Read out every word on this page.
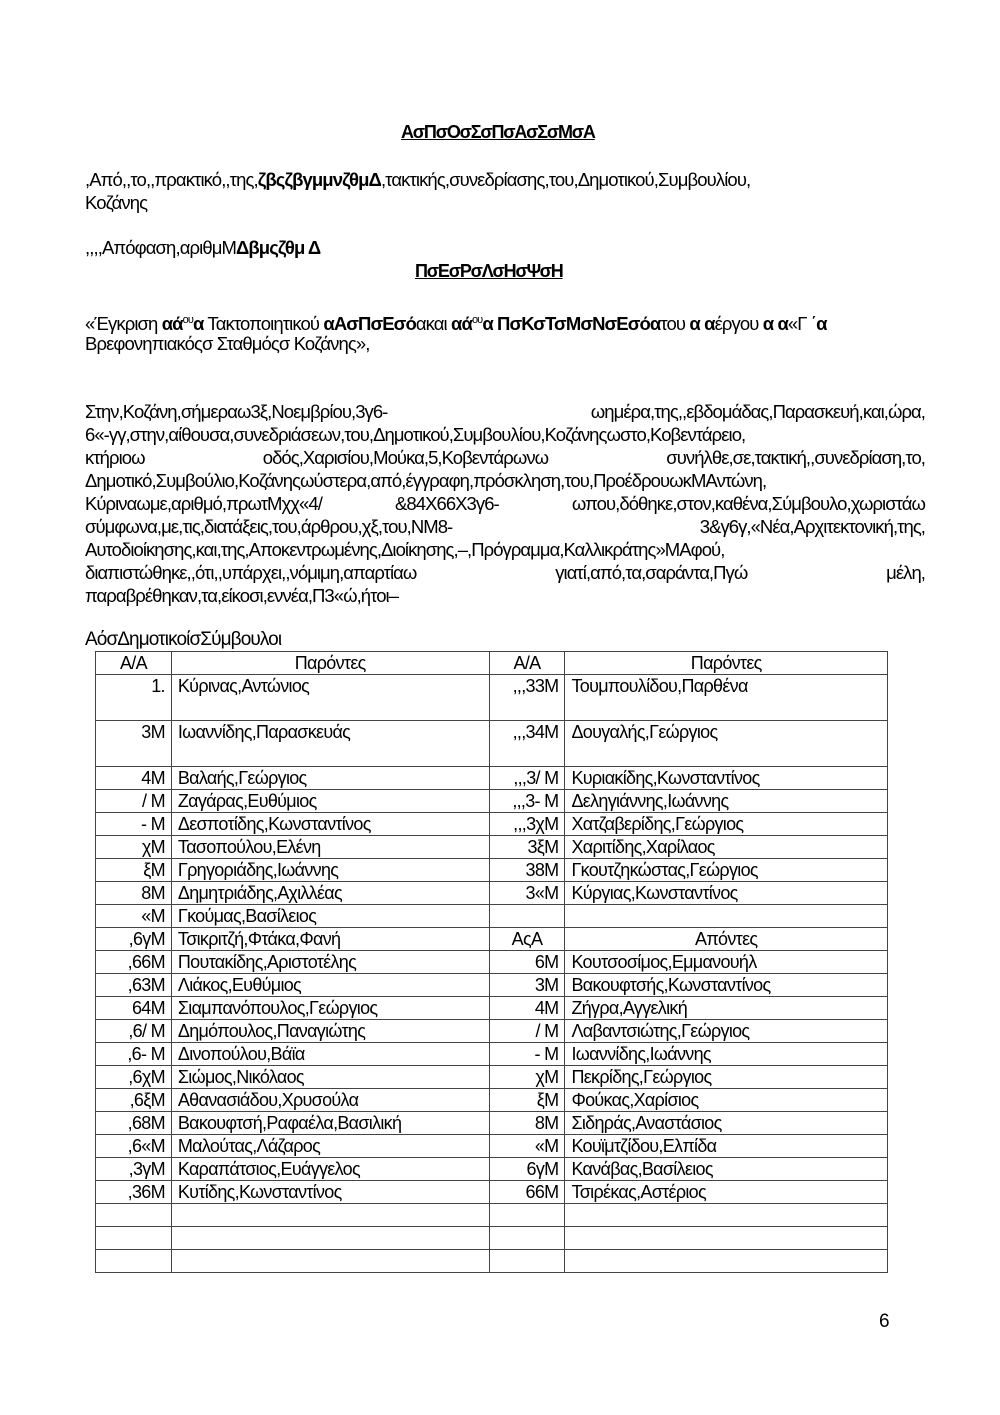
ΑσΠσΟσΣσΠσΑσΣσΜσΑ
,Από,,το,,πρακτικό,,της,ζβςζβγμμνζθμΔ,τακτικής,συνεδρίασης,του,Δημοτικού,Συμβουλίου,
Κοζάνης
,,,,Απόφαση,αριθμΜΔβμςζθμ Δ
ΠσΕσΡσΛσΗσΨσΗ
«Έγκριση $\alpha ά^{o\upsilon}\alpha$ Τακτοποιητικού αΑσΠσΕσόακαι $\alpha ά^{o\upsilon}\alpha$ ΠσΚσΤσΜσΝσΕσόατου α αέργου α α«Γ ΄α
Βρεφονηπιακόςσ Σταθμόςσ Κοζάνης»,
Στην,Κοζάνη,σήμεραω3ξ,Νοεμβρίου,3γ6- ωημέρα,της,,εβδομάδας,Παρασκευή,και,ώρα,
6«-γγ,στην,αίθουσα,συνεδριάσεων,του,Δημοτικού,Συμβουλίου,Κοζάνηςωστο,Κοβεντάρειο,
κτήριοω οδός,Χαρισίου,Μούκα,5,Κοβεντάρωνω συνήλθε,σε,τακτική,,συνεδρίαση,το,
Δημοτικό,Συμβούλιο,Κοζάνηςωύστερα,από,έγγραφη,πρόσκληση,του,ΠροέδρουωκΜΑντώνη,
Κύριναωμε,αριθμό,πρωτΜχχ«4/ &84Χ66Χ3γ6- ωπου,δόθηκε,στον,καθένα,Σύμβουλο,χωριστάω
σύμφωνα,με,τις,διατάξεις,του,άρθρου,χξ,του,ΝΜ8- 3&γ6γ,«Νέα,Αρχιτεκτονική,της,
Αυτοδιοίκησης,και,της,Αποκεντρωμένης,Διοίκησης,–,Πρόγραμμα,Καλλικράτης»ΜΑφού,
διαπιστώθηκε,,ότι,,υπάρχει,,νόμιμη,απαρτίαω γιατί,από,τα,σαράντα,Πγώ μέλη,
παραβρέθηκαν,τα,είκοσι,εννέα,Π3«ώ,ήτοι–
ΑόσΔημοτικοίσΣύμβουλοι
Α/Α	Παρόντες	Α/Α	Παρόντες
1.	Κύρινας,Αντώνιος	,,,33Μ	Τουμπουλίδου,Παρθένα
3Μ	Ιωαννίδης,Παρασκευάς	,,,34Μ	Δουγαλής,Γεώργιος
4Μ	Βαλαής,Γεώργιος	,,,3/ Μ	Κυριακίδης,Κωνσταντίνος
/ Μ	Ζαγάρας,Ευθύμιος	,,,3- Μ	Δεληγιάννης,Ιωάννης
- Μ	Δεσποτίδης,Κωνσταντίνος	,,,3χΜ	Χατζαβερίδης,Γεώργιος
χΜ	Τασοπούλου,Ελένη	3ξΜ	Χαριτίδης,Χαρίλαος
ξΜ	Γρηγοριάδης,Ιωάννης	38Μ	Γκουτζηκώστας,Γεώργιος
8Μ	Δημητριάδης,Αχιλλέας	3«Μ	Κύργιας,Κωνσταντίνος
«Μ	Γκούμας,Βασίλειος		
,6γΜ	Τσικριτζή,Φτάκα,Φανή	ΑςΑ	Απόντες
,66Μ	Πουτακίδης,Αριστοτέλης	6Μ	Κουτσοσίμος,Εμμανουήλ
,63Μ	Λιάκος,Ευθύμιος	3Μ	Βακουφτσής,Κωνσταντίνος
64Μ	Σιαμπανόπουλος,Γεώργιος	4Μ	Ζήγρα,Αγγελική
,6/ Μ	Δημόπουλος,Παναγιώτης	/ Μ	Λαβαντσιώτης,Γεώργιος
,6- Μ	Δινοπούλου,Βάϊα	- Μ	Ιωαννίδης,Ιωάννης
,6χΜ	Σιώμος,Νικόλαος	χΜ	Πεκρίδης,Γεώργιος
,6ξΜ	Αθανασιάδου,Χρυσούλα	ξΜ	Φούκας,Χαρίσιος
,68Μ	Βακουφτσή,Ραφαέλα,Βασιλική	8Μ	Σιδηράς,Αναστάσιος
,6«Μ	Μαλούτας,Λάζαρος	«Μ	Κουϊμτζίδου,Ελπίδα
,3γΜ	Καραπάτσιος,Ευάγγελος	6γΜ	Κανάβας,Βασίλειος
,36Μ	Κυτίδης,Κωνσταντίνος	66Μ	Τσιρέκας,Αστέριος

6
